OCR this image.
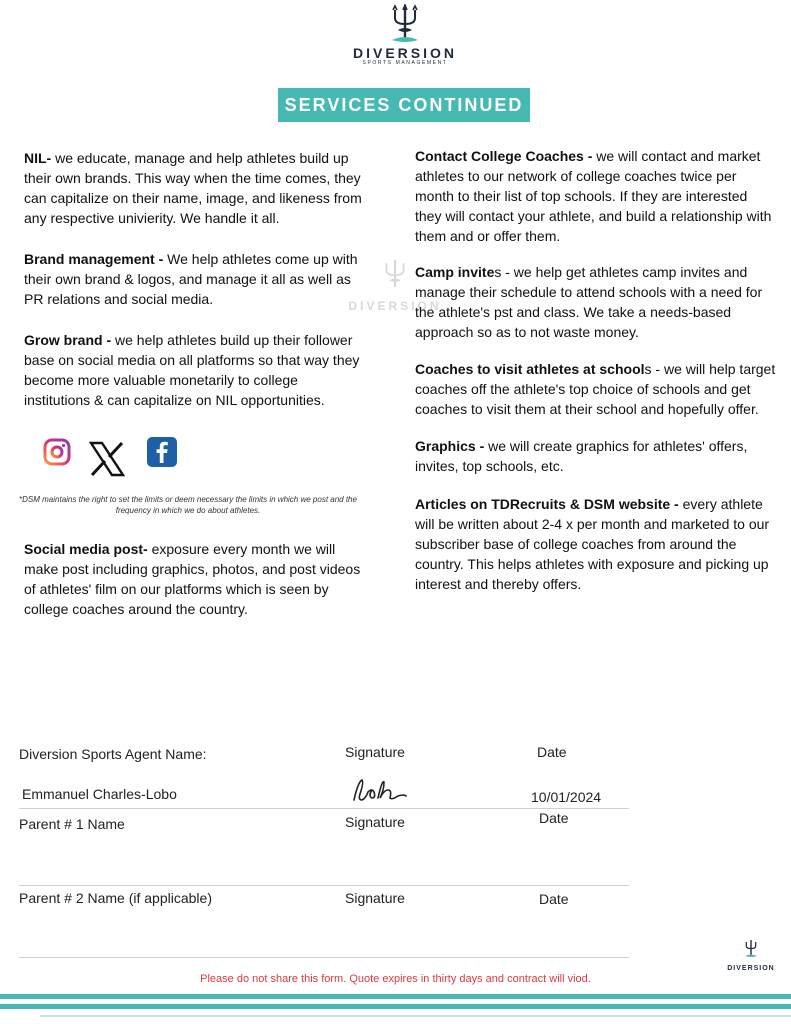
DIVERSION
SPORTS MANAGEMENT
SERVICES CONTINUED
DIVERSION

NIL- we educate, manage and help athletes build up their own brands. This way when the time comes, they can capitalize on their name, image, and likeness from any respective univierity. We handle it all.

Brand management - We help athletes come up with their own brand & logos, and manage it all as well as PR relations and social media.

Grow brand - we help athletes build up their follower base on social media on all platforms so that way they become more valuable monetarily to college institutions & can capitalize on NIL opportunities.

Social media post- exposure every month we will make post including graphics, photos, and post videos of athletes' film on our platforms which is seen by college coaches around the country.

*DSM maintains the right to set the limits or deem necessary the limits in which we post and the frequency in which we do about athletes.

Contact College Coaches - we will contact and market athletes to our network of college coaches twice per month to their list of top schools. If they are interested they will contact your athlete, and build a relationship with them and or offer them.

Camp invites - we help get athletes camp invites and manage their schedule to attend schools with a need for the athlete's pst and class. We take a needs-based approach so as to not waste money.

Coaches to visit athletes at schools - we will help target coaches off the athlete's top choice of schools and get coaches to visit them at their school and hopefully offer.

Graphics - we will create graphics for athletes' offers, invites, top schools, etc.

Articles on TDRecruits & DSM website - every athlete will be written about 2-4 x per month and marketed to our subscriber base of college coaches from around the country. This helps athletes with exposure and picking up interest and thereby offers.

Diversion Sports Agent Name:	Signature	Date
Emmanuel Charles-Lobo	10/01/2024
Parent # 1 Name	Signature	Date
Parent # 2 Name (if applicable)	Signature	Date
DIVERSION
Please do not share this form. Quote expires in thirty days and contract will viod.
